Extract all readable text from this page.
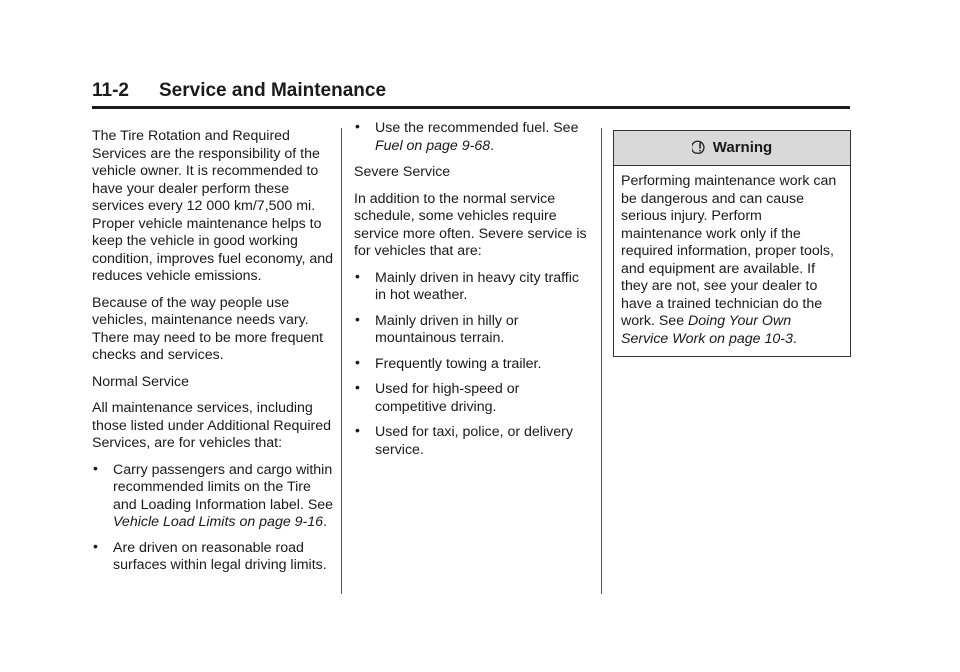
11-2 Service and Maintenance

The Tire Rotation and Required Services are the responsibility of the vehicle owner. It is recommended to have your dealer perform these services every 12 000 km/7,500 mi. Proper vehicle maintenance helps to keep the vehicle in good working condition, improves fuel economy, and reduces vehicle emissions.

Because of the way people use vehicles, maintenance needs vary. There may need to be more frequent checks and services.

Normal Service

All maintenance services, including those listed under Additional Required Services, are for vehicles that:

• Carry passengers and cargo within recommended limits on the Tire and Loading Information label. See Vehicle Load Limits on page 9-16.
• Are driven on reasonable road surfaces within legal driving limits.
• Use the recommended fuel. See Fuel on page 9-68.

Severe Service

In addition to the normal service schedule, some vehicles require service more often. Severe service is for vehicles that are:

• Mainly driven in heavy city traffic in hot weather.
• Mainly driven in hilly or mountainous terrain.
• Frequently towing a trailer.
• Used for high-speed or competitive driving.
• Used for taxi, police, or delivery service.
Warning

Performing maintenance work can be dangerous and can cause serious injury. Perform maintenance work only if the required information, proper tools, and equipment are available. If they are not, see your dealer to have a trained technician do the work. See Doing Your Own Service Work on page 10-3.
